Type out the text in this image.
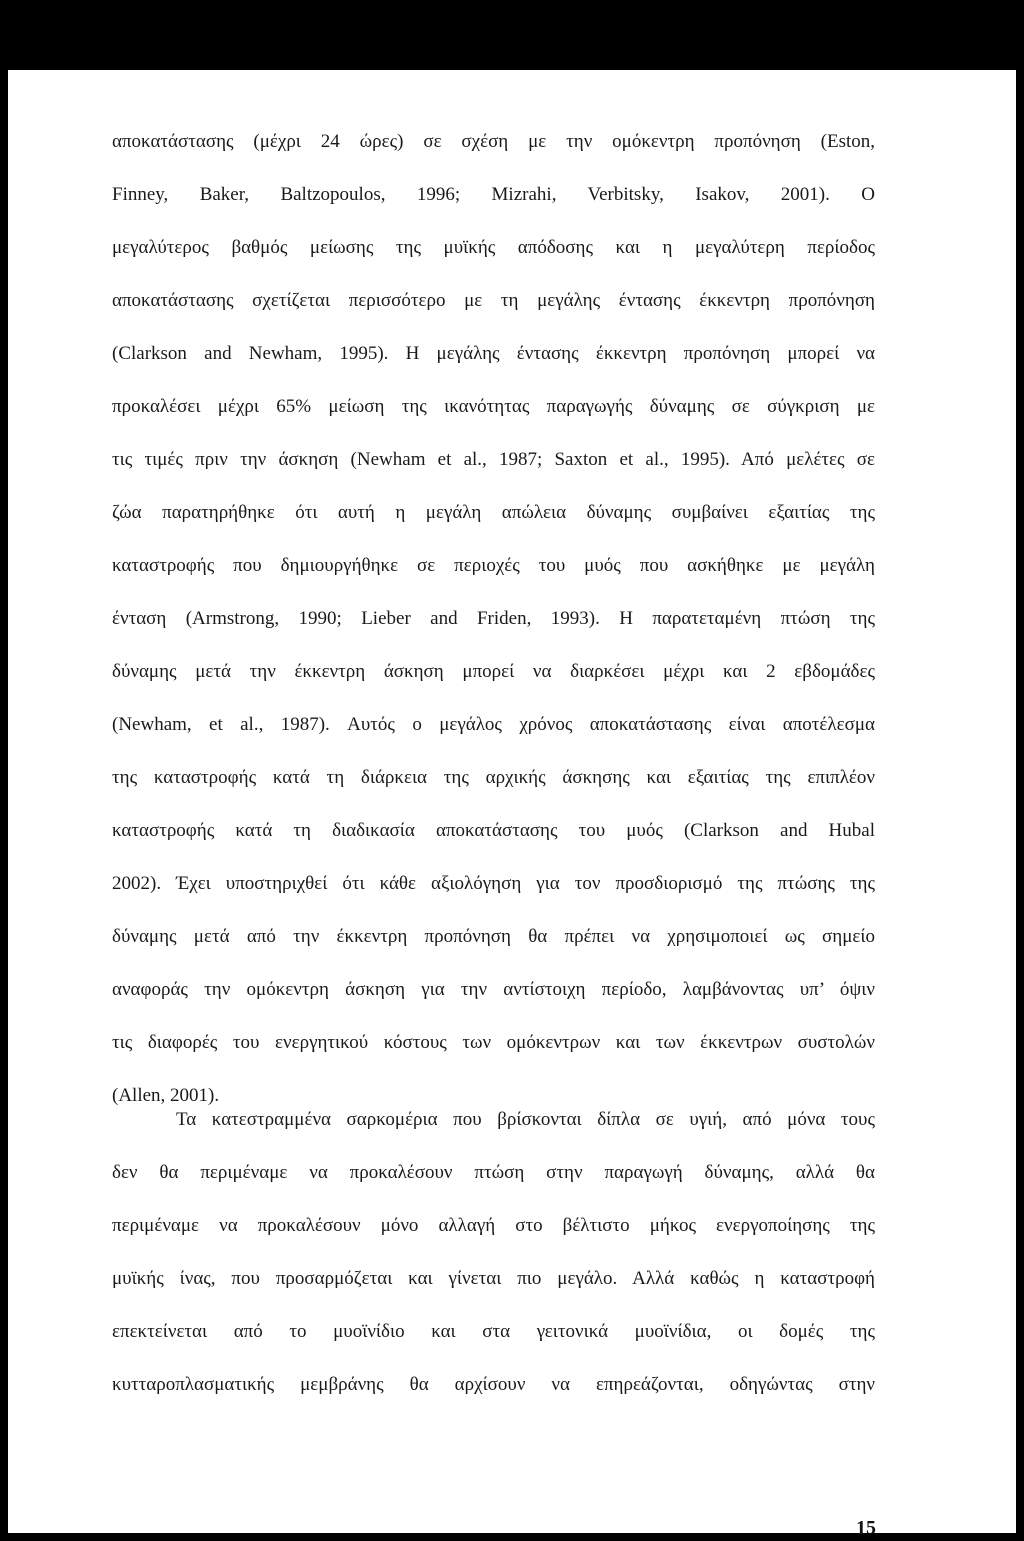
αποκατάστασης (μέχρι 24 ώρες) σε σχέση με την ομόκεντρη προπόνηση (Eston,
Finney, Baker, Baltzopoulos, 1996; Mizrahi, Verbitsky, Isakov, 2001). Ο
μεγαλύτερος βαθμός μείωσης της μυϊκής απόδοσης και η μεγαλύτερη περίοδος
αποκατάστασης σχετίζεται περισσότερο με τη μεγάλης έντασης έκκεντρη προπόνηση
(Clarkson and Newham, 1995). Η μεγάλης έντασης έκκεντρη προπόνηση μπορεί να
προκαλέσει μέχρι 65% μείωση της ικανότητας παραγωγής δύναμης σε σύγκριση με
τις τιμές πριν την άσκηση (Newham et al., 1987; Saxton et al., 1995). Από μελέτες σε
ζώα παρατηρήθηκε ότι αυτή η μεγάλη απώλεια δύναμης συμβαίνει εξαιτίας της
καταστροφής που δημιουργήθηκε σε περιοχές του μυός που ασκήθηκε με μεγάλη
ένταση (Armstrong, 1990; Lieber and Friden, 1993). Η παρατεταμένη πτώση της
δύναμης μετά την έκκεντρη άσκηση μπορεί να διαρκέσει μέχρι και 2 εβδομάδες
(Newham, et al., 1987). Αυτός ο μεγάλος χρόνος αποκατάστασης είναι αποτέλεσμα
της καταστροφής κατά τη διάρκεια της αρχικής άσκησης και εξαιτίας της επιπλέον
καταστροφής κατά τη διαδικασία αποκατάστασης του μυός (Clarkson and Hubal
2002). Έχει υποστηριχθεί ότι κάθε αξιολόγηση για τον προσδιορισμό της πτώσης της
δύναμης μετά από την έκκεντρη προπόνηση θα πρέπει να χρησιμοποιεί ως σημείο
αναφοράς την ομόκεντρη άσκηση για την αντίστοιχη περίοδο, λαμβάνοντας υπ’ όψιν
τις διαφορές του ενεργητικού κόστους των ομόκεντρων και των έκκεντρων συστολών
(Allen, 2001).
Τα κατεστραμμένα σαρκομέρια που βρίσκονται δίπλα σε υγιή, από μόνα τους
δεν θα περιμέναμε να προκαλέσουν πτώση στην παραγωγή δύναμης, αλλά θα
περιμέναμε να προκαλέσουν μόνο αλλαγή στο βέλτιστο μήκος ενεργοποίησης της
μυϊκής ίνας, που προσαρμόζεται και γίνεται πιο μεγάλο. Αλλά καθώς η καταστροφή
επεκτείνεται από το μυοϊνίδιο και στα γειτονικά μυοϊνίδια, οι δομές της
κυτταροπλασματικής μεμβράνης θα αρχίσουν να επηρεάζονται, οδηγώντας στην
15
